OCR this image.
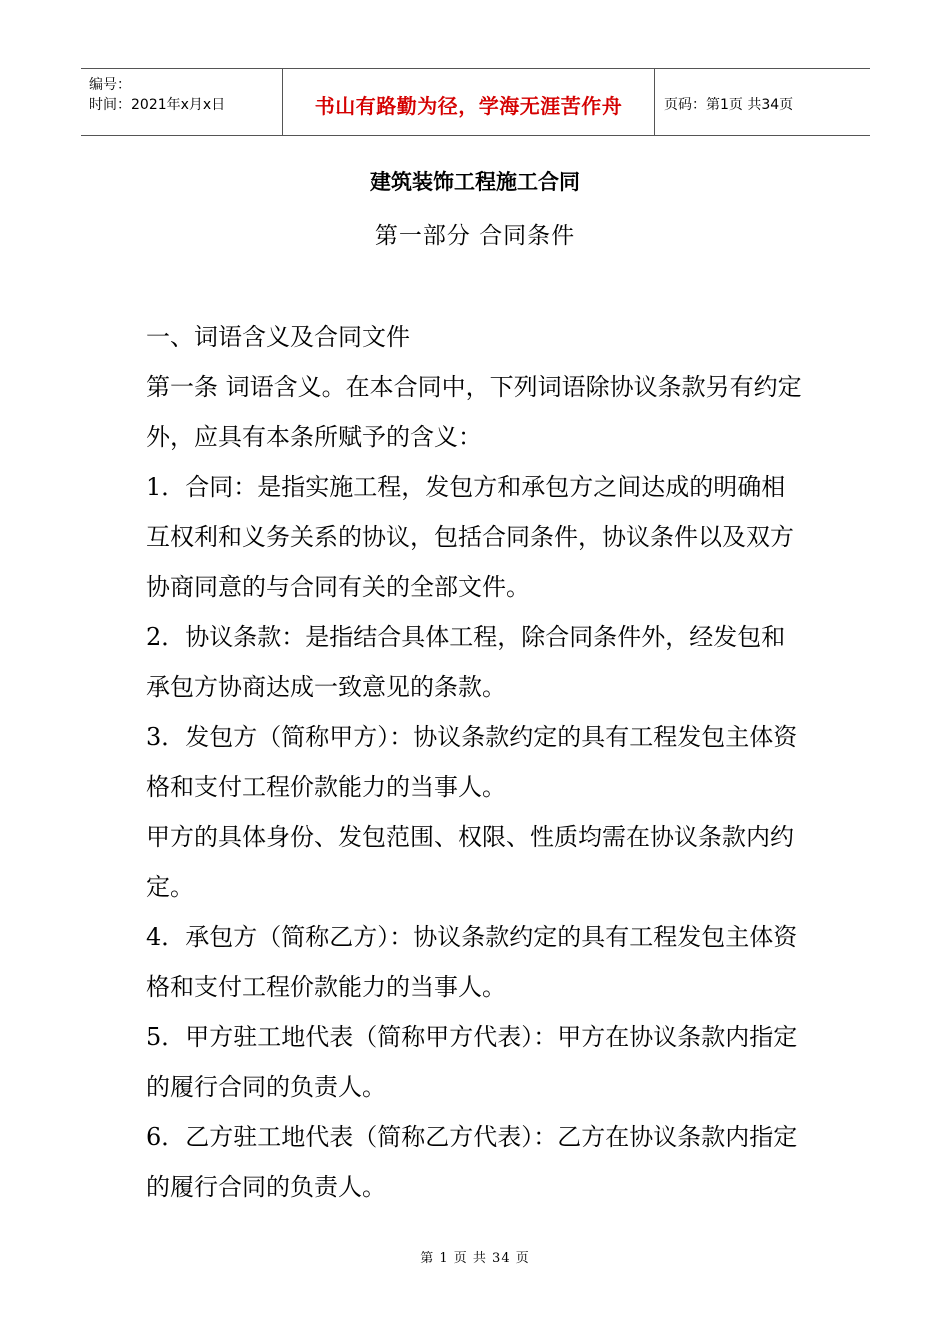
编号：
时间：2021年x月x日	书山有路勤为径，学海无涯苦作舟	页码：第1页 共34页
建筑装饰工程施工合同
第一部分 合同条件

一、词语含义及合同文件

第一条 词语含义。在本合同中，下列词语除协议条款另有约定外，应具有本条所赋予的含义：

1．合同：是指实施工程，发包方和承包方之间达成的明确相互权利和义务关系的协议，包括合同条件，协议条件以及双方协商同意的与合同有关的全部文件。

2．协议条款：是指结合具体工程，除合同条件外，经发包和承包方协商达成一致意见的条款。

3．发包方（简称甲方）：协议条款约定的具有工程发包主体资格和支付工程价款能力的当事人。

甲方的具体身份、发包范围、权限、性质均需在协议条款内约定。

4．承包方（简称乙方）：协议条款约定的具有工程发包主体资格和支付工程价款能力的当事人。

5．甲方驻工地代表（简称甲方代表）：甲方在协议条款内指定的履行合同的负责人。

6．乙方驻工地代表（简称乙方代表）：乙方在协议条款内指定的履行合同的负责人。

第 1 页 共 34 页
